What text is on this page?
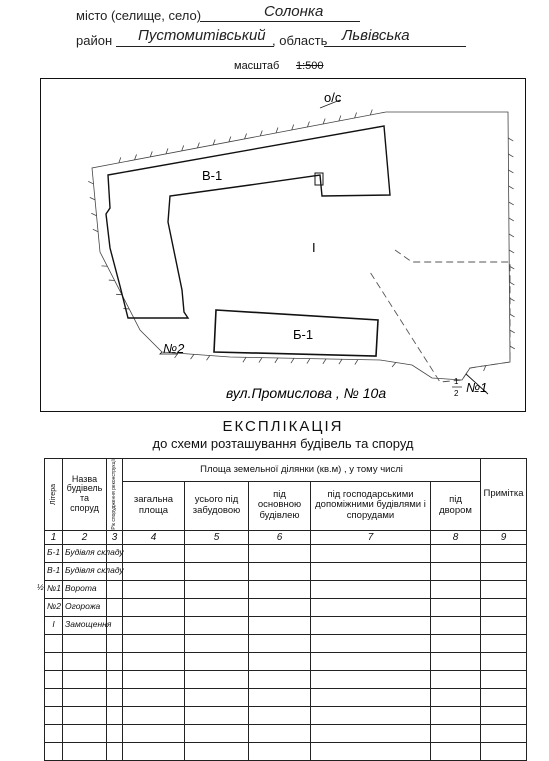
місто (селище, село)	Солонка
район Пустомитівський , область Львівська
масштаб 1:500
о/с
В-1
І
Б-1
№2
вул.Промислова , № 10а	№1
1
2
ЕКСПЛІКАЦІЯ
до схеми розташування будівель та споруд
Літера	Назва будівель та споруд	Рік спорудження реконструкції	Площа земельної ділянки (кв.м) , у тому числі					Примітка
			загальна площа	усього під забудовою	під основною будівлею	під господарськими допоміжними будівлями і спорудами	під двором	
1	2	3	4	5	6	7	8	9
Б-1	Будівля складу							
В-1	Будівля складу							

½ №1	Ворота							
№2	Огорожа							
І	Замощення							
